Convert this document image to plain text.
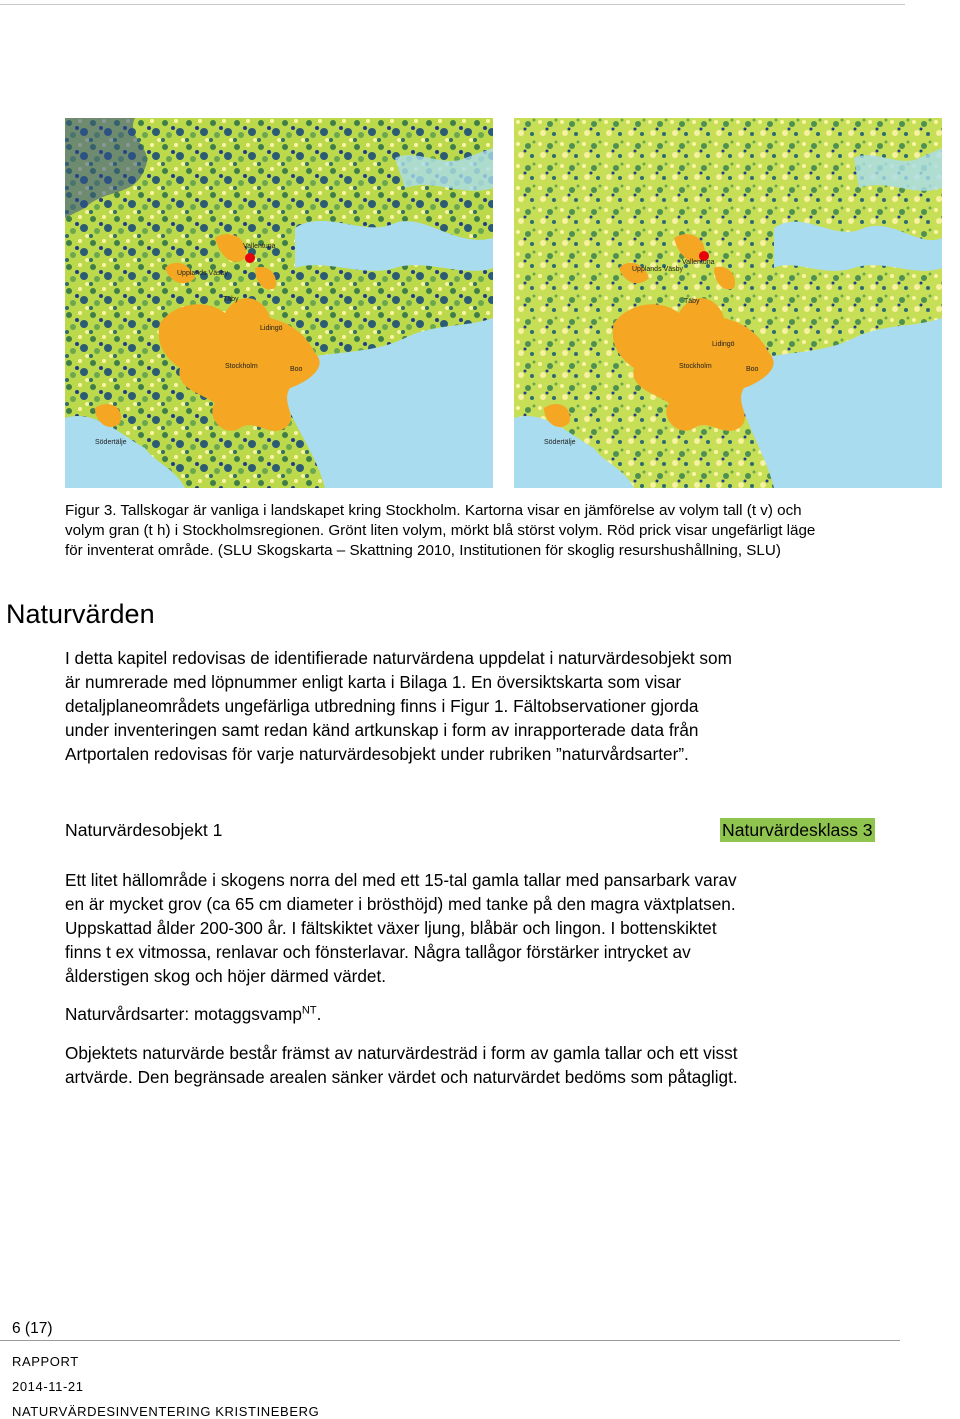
Upplands Väsby
Vallentuna
Täby
Lidingö
Stockholm	Boo
Södertälje
Upplands Väsby
Vallentuna
Täby
Lidingö
Stockholm	Boo
Södertälje
Figur 3. Tallskogar är vanliga i landskapet kring Stockholm. Kartorna visar en jämförelse av volym tall (t v) och
volym gran (t h) i Stockholmsregionen. Grönt liten volym, mörkt blå störst volym. Röd prick visar ungefärligt läge
för inventerat område. (SLU Skogskarta – Skattning 2010, Institutionen för skoglig resurshushållning, SLU)
Naturvärden
I detta kapitel redovisas de identifierade naturvärdena uppdelat i naturvärdesobjekt som
är numrerade med löpnummer enligt karta i Bilaga 1. En översiktskarta som visar
detaljplaneområdets ungefärliga utbredning finns i Figur 1. Fältobservationer gjorda
under inventeringen samt redan känd artkunskap i form av inrapporterade data från
Artportalen redovisas för varje naturvärdesobjekt under rubriken ”naturvårdsarter”.
Naturvärdesobjekt 1	Naturvärdesklass 3
Ett litet hällområde i skogens norra del med ett 15-tal gamla tallar med pansarbark varav
en är mycket grov (ca 65 cm diameter i brösthöjd) med tanke på den magra växtplatsen.
Uppskattad ålder 200-300 år. I fältskiktet växer ljung, blåbär och lingon. I bottenskiktet
finns t ex vitmossa, renlavar och fönsterlavar. Några tallågor förstärker intrycket av
ålderstigen skog och höjer därmed värdet.
Naturvårdsarter: motaggsvamp$^{NT}$.
Objektets naturvärde består främst av naturvärdesträd i form av gamla tallar och ett visst
artvärde. Den begränsade arealen sänker värdet och naturvärdet bedöms som påtagligt.
6 (17)
RAPPORT
2014-11-21
NATURVÄRDESINVENTERING KRISTINEBERG
